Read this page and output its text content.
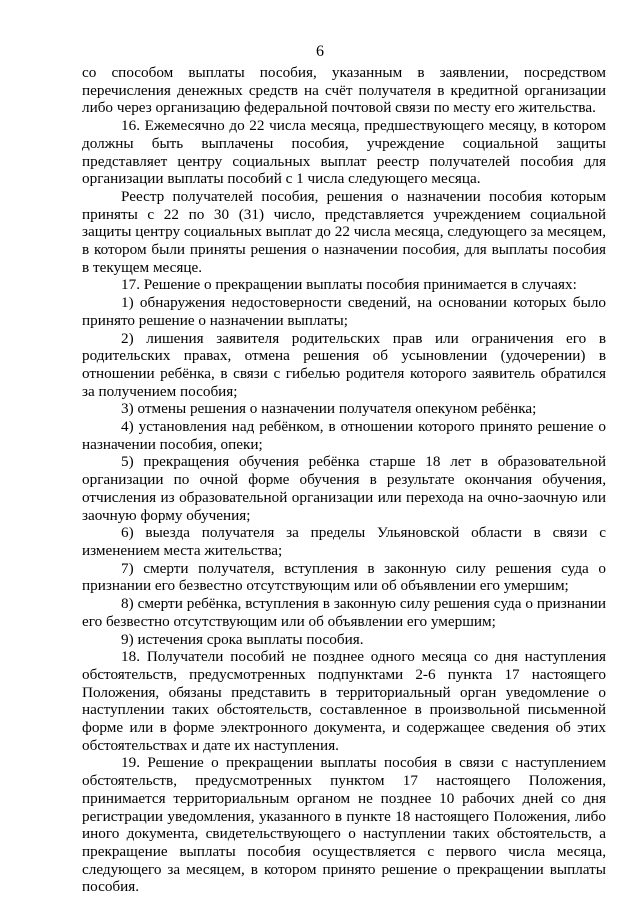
6

со способом выплаты пособия, указанным в заявлении, посредством перечисления денежных средств на счёт получателя в кредитной организации либо через организацию федеральной почтовой связи по месту его жительства.

16. Ежемесячно до 22 числа месяца, предшествующего месяцу, в котором должны быть выплачены пособия, учреждение социальной защиты представляет центру социальных выплат реестр получателей пособия для организации выплаты пособий с 1 числа следующего месяца.

Реестр получателей пособия, решения о назначении пособия которым приняты с 22 по 30 (31) число, представляется учреждением социальной защиты центру социальных выплат до 22 числа месяца, следующего за месяцем, в котором были приняты решения о назначении пособия, для выплаты пособия в текущем месяце.

17. Решение о прекращении выплаты пособия принимается в случаях:

1) обнаружения недостоверности сведений, на основании которых было принято решение о назначении выплаты;

2) лишения заявителя родительских прав или ограничения его в родительских правах, отмена решения об усыновлении (удочерении) в отношении ребёнка, в связи с гибелью родителя которого заявитель обратился за получением пособия;

3) отмены решения о назначении получателя опекуном ребёнка;

4) установления над ребёнком, в отношении которого принято решение о назначении пособия, опеки;

5) прекращения обучения ребёнка старше 18 лет в образовательной организации по очной форме обучения в результате окончания обучения, отчисления из образовательной организации или перехода на очно-заочную или заочную форму обучения;

6) выезда получателя за пределы Ульяновской области в связи с изменением места жительства;

7) смерти получателя, вступления в законную силу решения суда о признании его безвестно отсутствующим или об объявлении его умершим;

8) смерти ребёнка, вступления в законную силу решения суда о признании его безвестно отсутствующим или об объявлении его умершим;

9) истечения срока выплаты пособия.

18. Получатели пособий не позднее одного месяца со дня наступления обстоятельств, предусмотренных подпунктами 2-6 пункта 17 настоящего Положения, обязаны представить в территориальный орган уведомление о наступлении таких обстоятельств, составленное в произвольной письменной форме или в форме электронного документа, и содержащее сведения об этих обстоятельствах и дате их наступления.

19. Решение о прекращении выплаты пособия в связи с наступлением обстоятельств, предусмотренных пунктом 17 настоящего Положения, принимается территориальным органом не позднее 10 рабочих дней со дня регистрации уведомления, указанного в пункте 18 настоящего Положения, либо иного документа, свидетельствующего о наступлении таких обстоятельств, а прекращение выплаты пособия осуществляется с первого числа месяца, следующего за месяцем, в котором принято решение о прекращении выплаты пособия.
